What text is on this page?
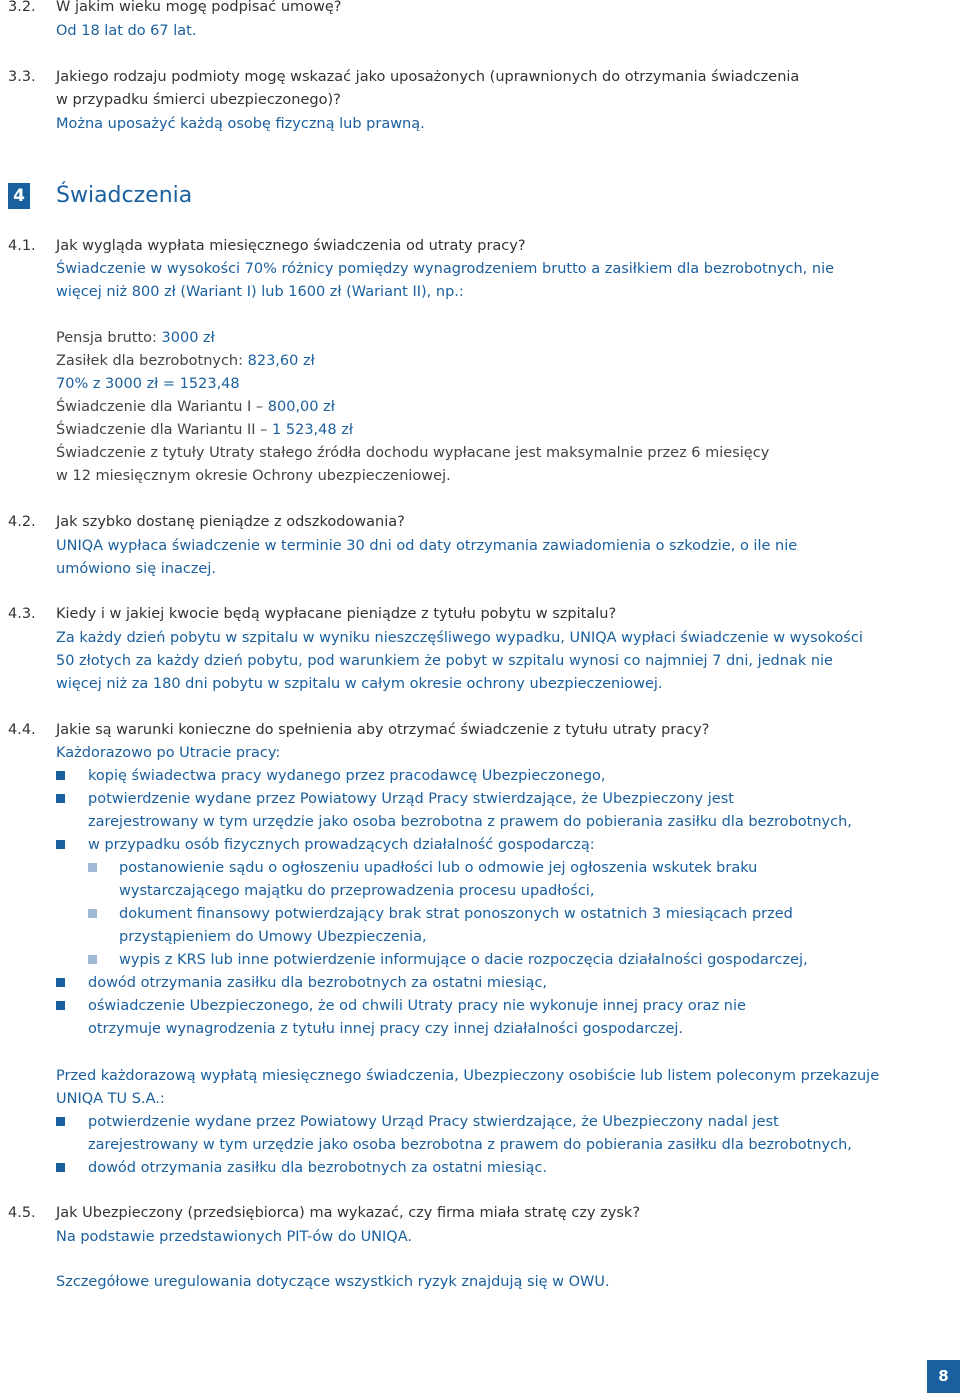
3.2. W jakim wieku mogę podpisać umowę?
Od 18 lat do 67 lat.
3.3. Jakiego rodzaju podmioty mogę wskazać jako uposażonych (uprawnionych do otrzymania świadczenia
w przypadku śmierci ubezpieczonego)?
Można uposażyć każdą osobę fizyczną lub prawną.
4 Świadczenia
4.1. Jak wygląda wypłata miesięcznego świadczenia od utraty pracy?
Świadczenie w wysokości 70% różnicy pomiędzy wynagrodzeniem brutto a zasiłkiem dla bezrobotnych, nie
więcej niż 800 zł (Wariant I) lub 1600 zł (Wariant II), np.:
Pensja brutto: 3000 zł
Zasiłek dla bezrobotnych: 823,60 zł
70% z 3000 zł = 1523,48
Świadczenie dla Wariantu I – 800,00 zł
Świadczenie dla Wariantu II – 1 523,48 zł
Świadczenie z tytuły Utraty stałego źródła dochodu wypłacane jest maksymalnie przez 6 miesięcy
w 12 miesięcznym okresie Ochrony ubezpieczeniowej.
4.2. Jak szybko dostanę pieniądze z odszkodowania?
UNIQA wypłaca świadczenie w terminie 30 dni od daty otrzymania zawiadomienia o szkodzie, o ile nie
umówiono się inaczej.
4.3. Kiedy i w jakiej kwocie będą wypłacane pieniądze z tytułu pobytu w szpitalu?
Za każdy dzień pobytu w szpitalu w wyniku nieszczęśliwego wypadku, UNIQA wypłaci świadczenie w wysokości
50 złotych za każdy dzień pobytu, pod warunkiem że pobyt w szpitalu wynosi co najmniej 7 dni, jednak nie
więcej niż za 180 dni pobytu w szpitalu w całym okresie ochrony ubezpieczeniowej.
4.4. Jakie są warunki konieczne do spełnienia aby otrzymać świadczenie z tytułu utraty pracy?
Każdorazowo po Utracie pracy:
kopię świadectwa pracy wydanego przez pracodawcę Ubezpieczonego,
potwierdzenie wydane przez Powiatowy Urząd Pracy stwierdzające, że Ubezpieczony jest
zarejestrowany w tym urzędzie jako osoba bezrobotna z prawem do pobierania zasiłku dla bezrobotnych,
w przypadku osób fizycznych prowadzących działalność gospodarczą:
postanowienie sądu o ogłoszeniu upadłości lub o odmowie jej ogłoszenia wskutek braku
wystarczającego majątku do przeprowadzenia procesu upadłości,
dokument finansowy potwierdzający brak strat ponoszonych w ostatnich 3 miesiącach przed
przystąpieniem do Umowy Ubezpieczenia,
wypis z KRS lub inne potwierdzenie informujące o dacie rozpoczęcia działalności gospodarczej,
dowód otrzymania zasiłku dla bezrobotnych za ostatni miesiąc,
oświadczenie Ubezpieczonego, że od chwili Utraty pracy nie wykonuje innej pracy oraz nie
otrzymuje wynagrodzenia z tytułu innej pracy czy innej działalności gospodarczej.
Przed każdorazową wypłatą miesięcznego świadczenia, Ubezpieczony osobiście lub listem poleconym przekazuje
UNIQA TU S.A.:
potwierdzenie wydane przez Powiatowy Urząd Pracy stwierdzające, że Ubezpieczony nadal jest
zarejestrowany w tym urzędzie jako osoba bezrobotna z prawem do pobierania zasiłku dla bezrobotnych,
dowód otrzymania zasiłku dla bezrobotnych za ostatni miesiąc.
4.5. Jak Ubezpieczony (przedsiębiorca) ma wykazać, czy firma miała stratę czy zysk?
Na podstawie przedstawionych PIT-ów do UNIQA.
Szczegółowe uregulowania dotyczące wszystkich ryzyk znajdują się w OWU.
8
